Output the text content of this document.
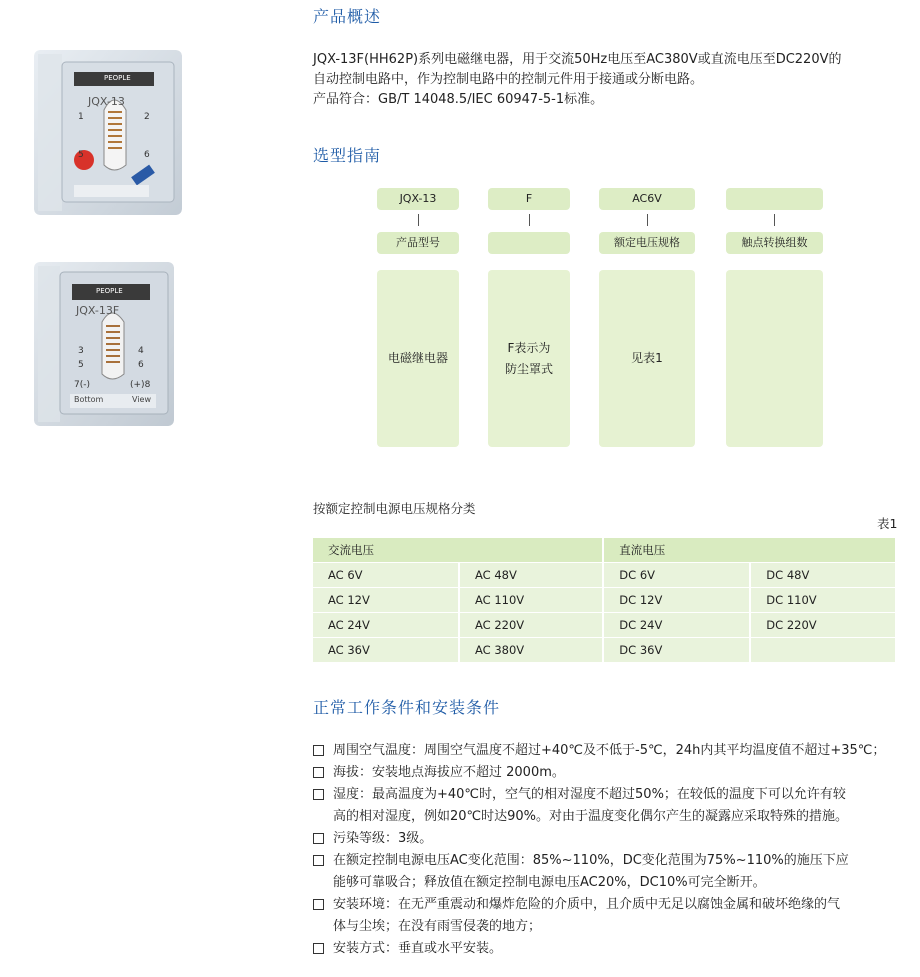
PEOPLE
JQX-13
1	2
5	6
PEOPLE
JQX-13F
3	4
5	6
7(-)	(+)8
Bottom	View
产品概述
JQX-13F(HH62P)系列电磁继电器，用于交流50Hz电压至AC380V或直流电压至DC220V的
自动控制电路中，作为控制电路中的控制元件用于接通或分断电路。
产品符合：GB/T 14048.5/IEC 60947-5-1标准。
选型指南
JQX-13	F	AC6V
产品型号	额定电压规格	触点转换组数
电磁继电器
F表示为
防尘罩式
见表1
按额定控制电源电压规格分类
表1
交流电压		直流电压	
AC 6V	AC 48V	DC 6V	DC 48V
AC 12V	AC 110V	DC 12V	DC 110V
AC 24V	AC 220V	DC 24V	DC 220V
AC 36V	AC 380V	DC 36V	
正常工作条件和安装条件
周围空气温度：周围空气温度不超过+40℃及不低于-5℃，24h内其平均温度值不超过+35℃；
海拔：安装地点海拔应不超过 2000m。
湿度：最高温度为+40℃时，空气的相对湿度不超过50%；在较低的温度下可以允许有较
高的相对湿度，例如20℃时达90%。对由于温度变化偶尔产生的凝露应采取特殊的措施。
污染等级：3级。
在额定控制电源电压AC变化范围：85%~110%，DC变化范围为75%~110%的施压下应
能够可靠吸合；释放值在额定控制电源电压AC20%，DC10%可完全断开。
安装环境：在无严重震动和爆炸危险的介质中，且介质中无足以腐蚀金属和破坏绝缘的气
体与尘埃；在没有雨雪侵袭的地方；
安装方式：垂直或水平安装。
